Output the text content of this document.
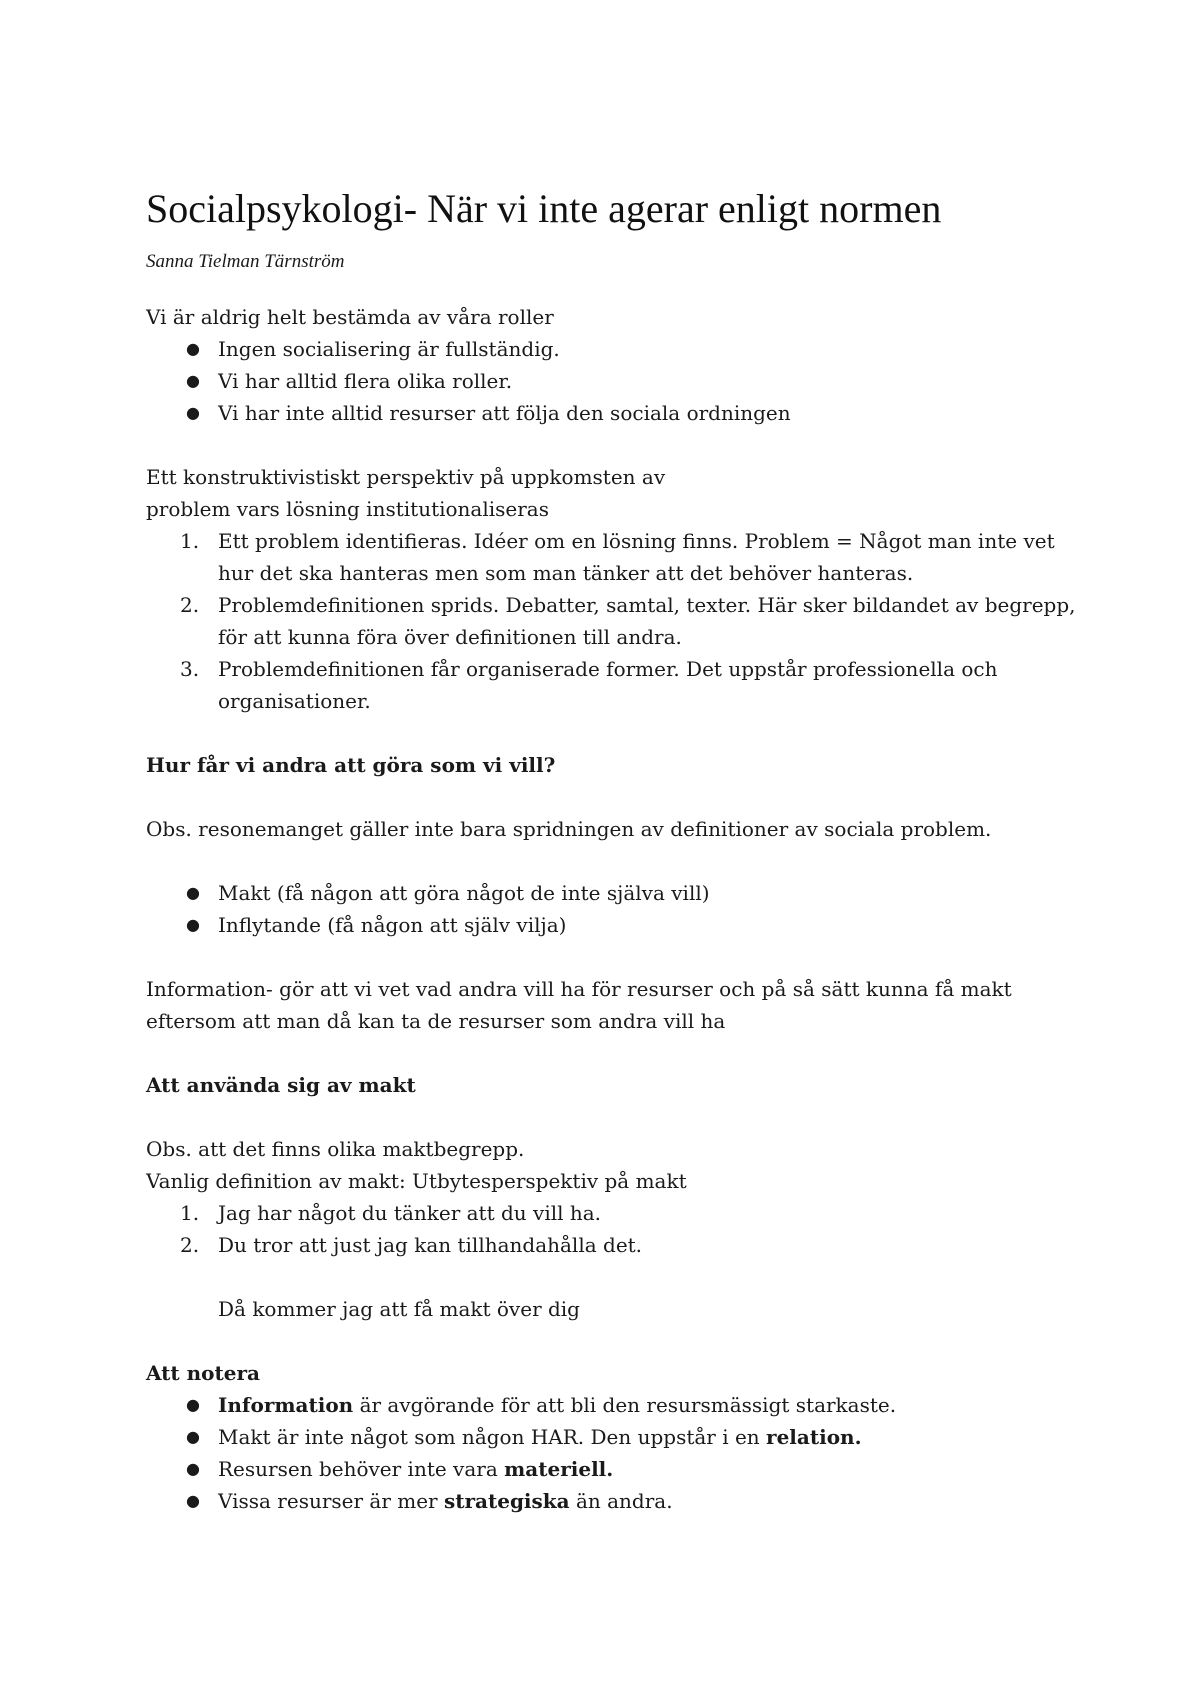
Socialpsykologi- När vi inte agerar enligt normen
Sanna Tielman Tärnström

Vi är aldrig helt bestämda av våra roller

● Ingen socialisering är fullständig.
● Vi har alltid flera olika roller.
● Vi har inte alltid resurser att följa den sociala ordningen

Ett konstruktivistiskt perspektiv på uppkomsten av

problem vars lösning institutionaliseras

1. Ett problem identifieras. Idéer om en lösning finns. Problem = Något man inte vet hur det ska hanteras men som man tänker att det behöver hanteras.
2. Problemdefinitionen sprids. Debatter, samtal, texter. Här sker bildandet av begrepp, för att kunna föra över definitionen till andra.
3. Problemdefinitionen får organiserade former. Det uppstår professionella och organisationer.

Hur får vi andra att göra som vi vill?

Obs. resonemanget gäller inte bara spridningen av definitioner av sociala problem.

● Makt (få någon att göra något de inte själva vill)
● Inflytande (få någon att själv vilja)

Information- gör att vi vet vad andra vill ha för resurser och på så sätt kunna få makt eftersom att man då kan ta de resurser som andra vill ha

Att använda sig av makt

Obs. att det finns olika maktbegrepp.

Vanlig definition av makt: Utbytesperspektiv på makt

1. Jag har något du tänker att du vill ha.
2. Du tror att just jag kan tillhandahålla det.

Då kommer jag att få makt över dig

Att notera

● Information är avgörande för att bli den resursmässigt starkaste.
● Makt är inte något som någon HAR. Den uppstår i en relation.
● Resursen behöver inte vara materiell.
● Vissa resurser är mer strategiska än andra.
